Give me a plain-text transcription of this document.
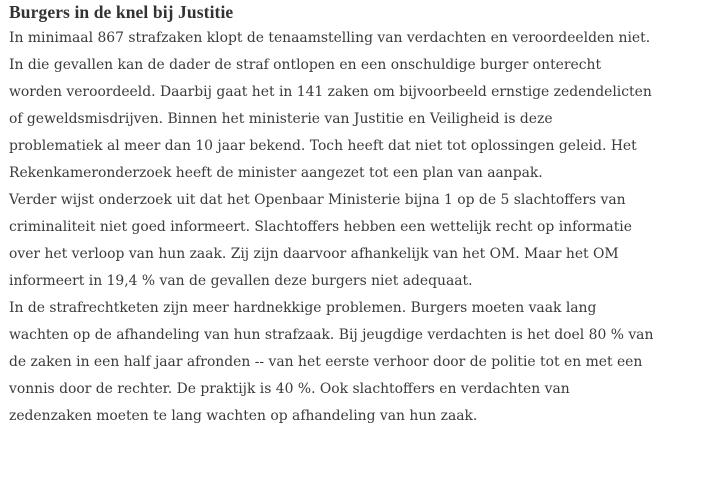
Burgers in de knel bij Justitie

In minimaal 867 strafzaken klopt de tenaamstelling van verdachten en veroordeelden niet.
In die gevallen kan de dader de straf ontlopen en een onschuldige burger onterecht
worden veroordeeld. Daarbij gaat het in 141 zaken om bijvoorbeeld ernstige zedendelicten
of geweldsmisdrijven. Binnen het ministerie van Justitie en Veiligheid is deze
problematiek al meer dan 10 jaar bekend. Toch heeft dat niet tot oplossingen geleid. Het
Rekenkameronderzoek heeft de minister aangezet tot een plan van aanpak.

Verder wijst onderzoek uit dat het Openbaar Ministerie bijna 1 op de 5 slachtoffers van
criminaliteit niet goed informeert. Slachtoffers hebben een wettelijk recht op informatie
over het verloop van hun zaak. Zij zijn daarvoor afhankelijk van het OM. Maar het OM
informeert in 19,4 % van de gevallen deze burgers niet adequaat.

In de strafrechtketen zijn meer hardnekkige problemen. Burgers moeten vaak lang
wachten op de afhandeling van hun strafzaak. Bij jeugdige verdachten is het doel 80 % van
de zaken in een half jaar afronden -- van het eerste verhoor door de politie tot en met een
vonnis door de rechter. De praktijk is 40 %. Ook slachtoffers en verdachten van
zedenzaken moeten te lang wachten op afhandeling van hun zaak.
